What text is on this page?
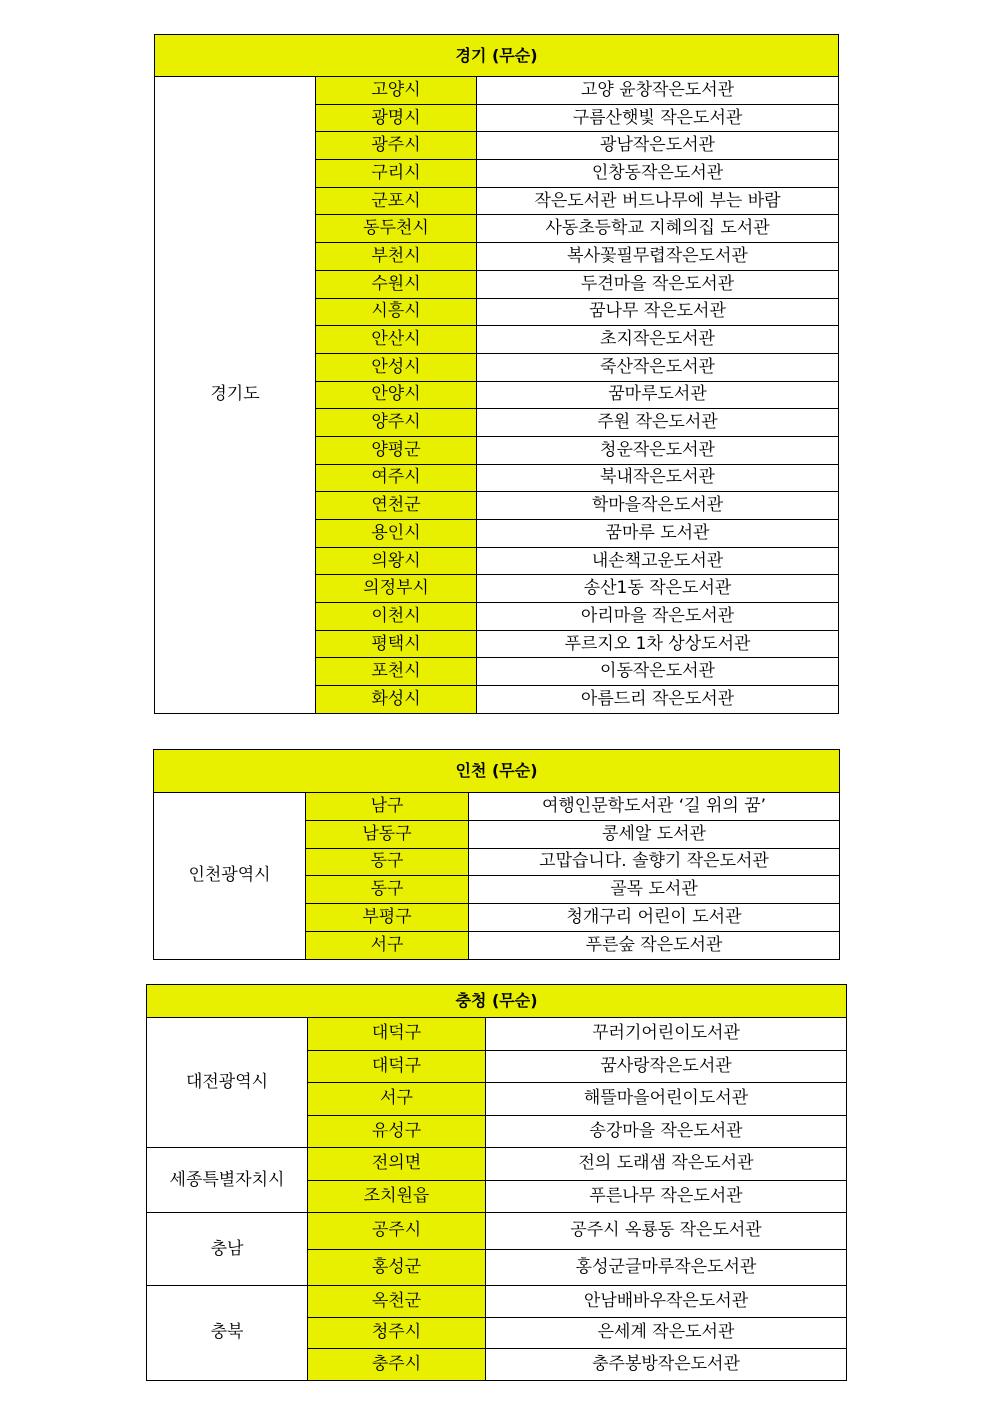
경기 (무순)		
경기도	고양시	고양 윤창작은도서관
	광명시	구름산햇빛 작은도서관
	광주시	광남작은도서관
	구리시	인창동작은도서관
	군포시	작은도서관 버드나무에 부는 바람
	동두천시	사동초등학교 지혜의집 도서관
	부천시	복사꽃필무렵작은도서관
	수원시	두견마을 작은도서관
	시흥시	꿈나무 작은도서관
	안산시	초지작은도서관
	안성시	죽산작은도서관
	안양시	꿈마루도서관
	양주시	주원 작은도서관
	양평군	청운작은도서관
	여주시	북내작은도서관
	연천군	학마을작은도서관
	용인시	꿈마루 도서관
	의왕시	내손책고운도서관
	의정부시	송산1동 작은도서관
	이천시	아리마을 작은도서관
	평택시	푸르지오 1차 상상도서관
	포천시	이동작은도서관
	화성시	아름드리 작은도서관
인천 (무순)		
인천광역시	남구	여행인문학도서관 ‘길 위의 꿈’
	남동구	콩세알 도서관
	동구	고맙습니다. 솔향기 작은도서관
	동구	골목 도서관
	부평구	청개구리 어린이 도서관
	서구	푸른숲 작은도서관
충청 (무순)		
대전광역시	대덕구	꾸러기어린이도서관
	대덕구	꿈사랑작은도서관
	서구	해뜰마을어린이도서관
	유성구	송강마을 작은도서관
세종특별자치시	전의면	전의 도래샘 작은도서관
	조치원읍	푸른나무 작은도서관
충남	공주시	공주시 옥룡동 작은도서관
	홍성군	홍성군글마루작은도서관
충북	옥천군	안남배바우작은도서관
	청주시	은세계 작은도서관
	충주시	충주봉방작은도서관
